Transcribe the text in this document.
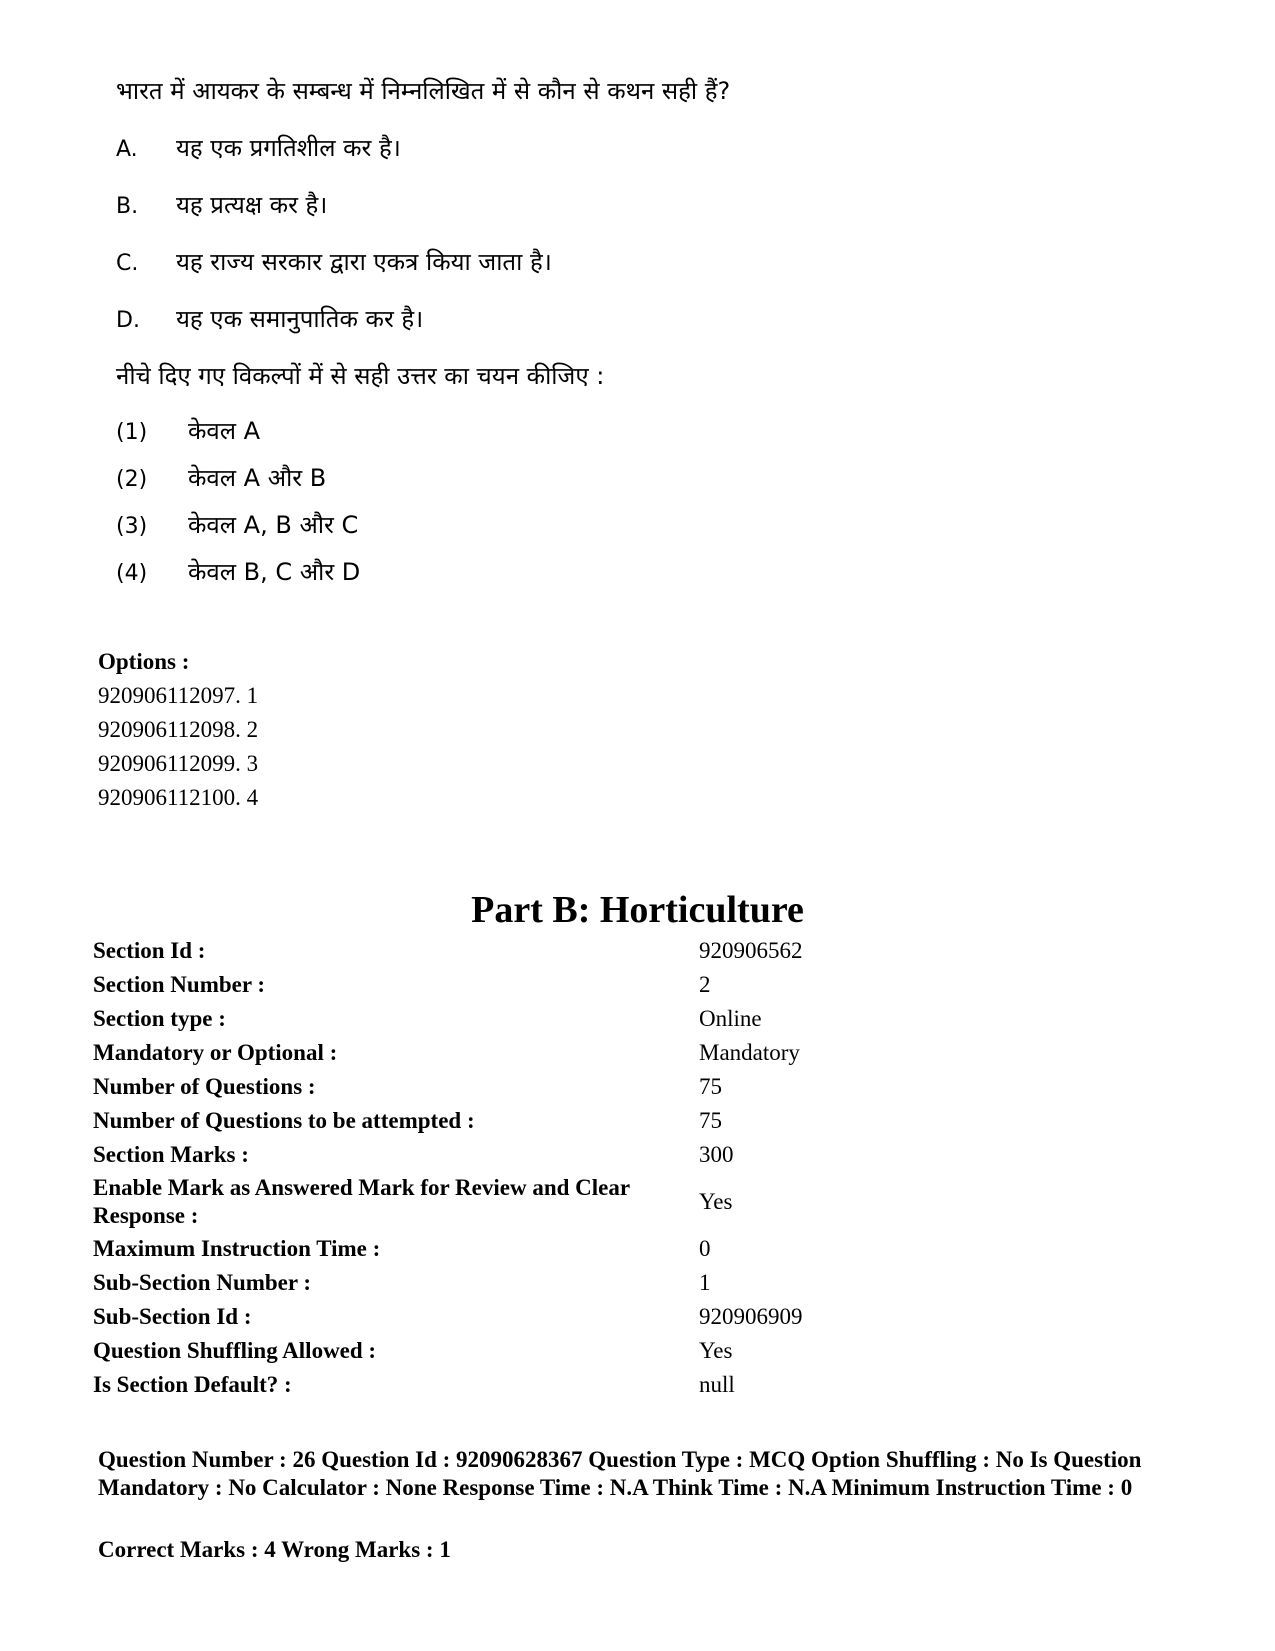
भारत में आयकर के सम्बन्ध में निम्नलिखित में से कौन से कथन सही हैं?
A. यह एक प्रगतिशील कर है।
B. यह प्रत्यक्ष कर है।
C. यह राज्य सरकार द्वारा एकत्र किया जाता है।
D. यह एक समानुपातिक कर है।
नीचे दिए गए विकल्पों में से सही उत्तर का चयन कीजिए :
(1) केवल A
(2) केवल A और B
(3) केवल A, B और C
(4) केवल B, C और D
Options :
920906112097. 1
920906112098. 2
920906112099. 3
920906112100. 4
Part B: Horticulture
Section Id :	920906562
Section Number :	2
Section type :	Online
Mandatory or Optional :	Mandatory
Number of Questions :	75
Number of Questions to be attempted :	75
Section Marks :	300
Enable Mark as Answered Mark for Review and Clear Response :
Yes
Maximum Instruction Time :	0
Sub-Section Number :	1
Sub-Section Id :	920906909
Question Shuffling Allowed :	Yes
Is Section Default? :	null
Question Number : 26 Question Id : 92090628367 Question Type : MCQ Option Shuffling : No Is Question Mandatory : No Calculator : None Response Time : N.A Think Time : N.A Minimum Instruction Time : 0
Correct Marks : 4 Wrong Marks : 1
